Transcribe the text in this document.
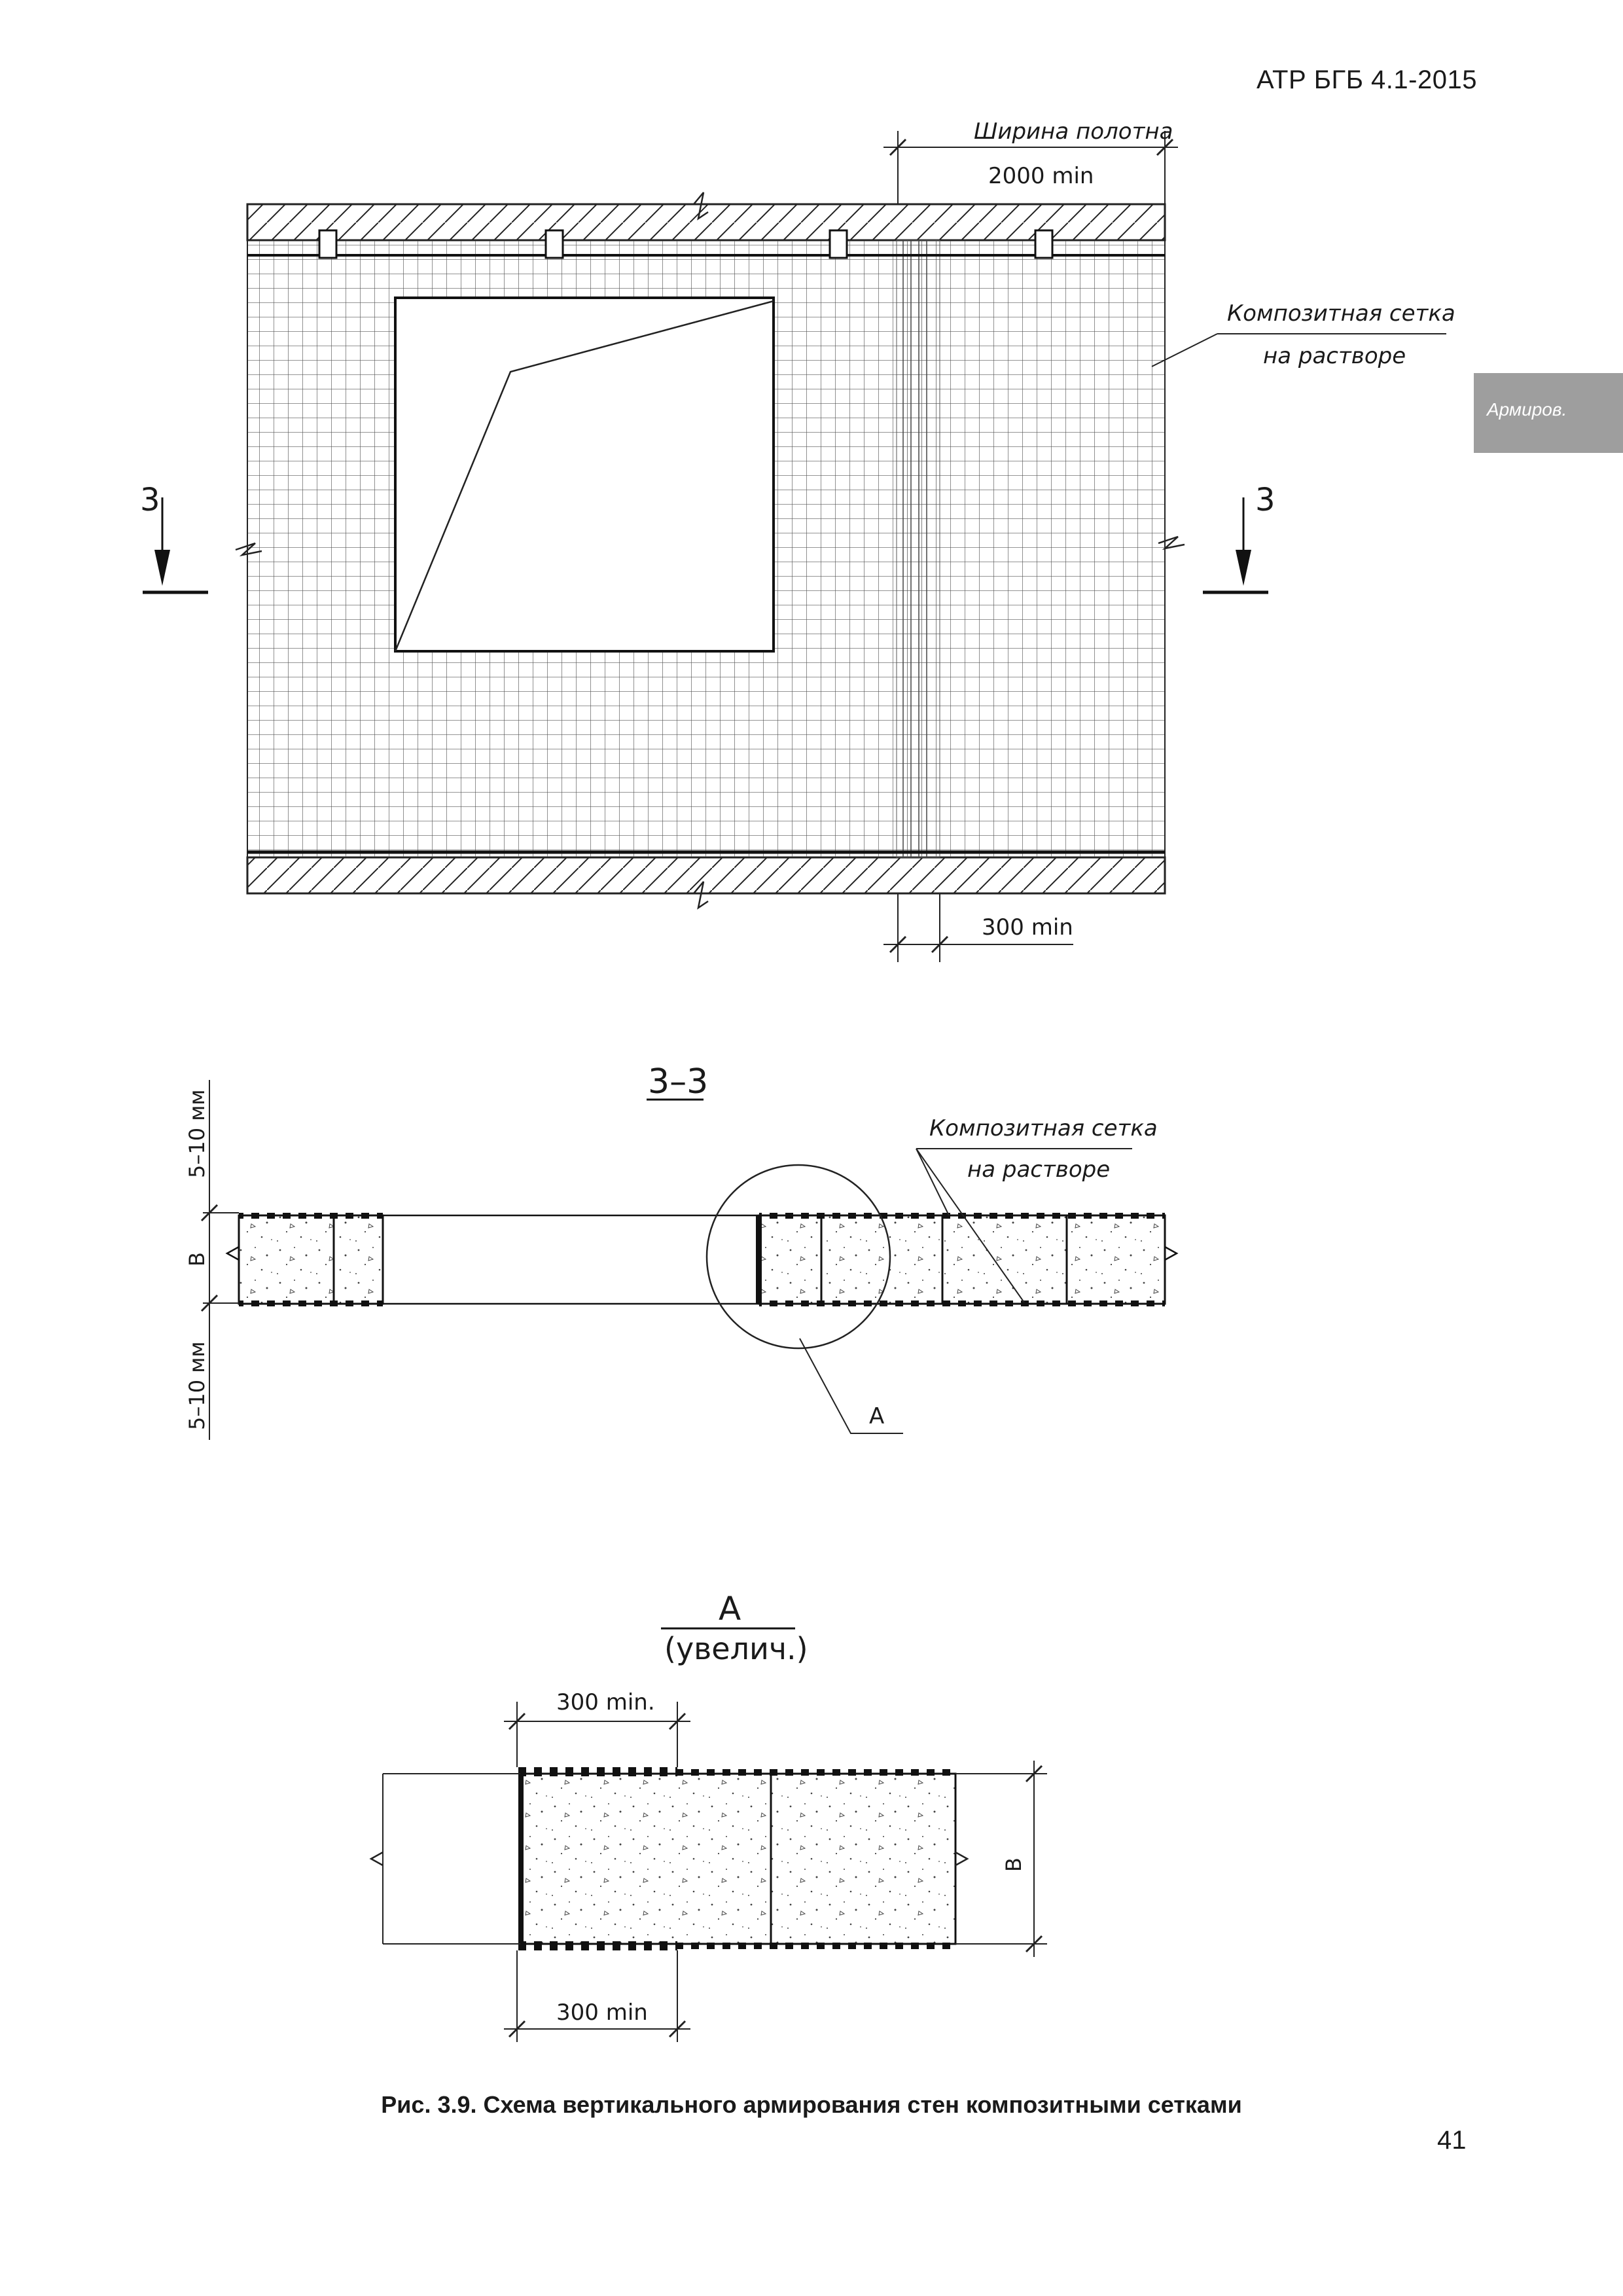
АТР БГБ 4.1-2015
Армиров.
Ширина полотна
2000 min
Композитная сетка
на растворе
3	3
300 min
3–3
А
Композитная сетка
на растворе
5–10 мм
B
5–10 мм
А
(увелич.)
B
300 min.
300 min
Рис. 3.9. Схема вертикального армирования стен композитными сетками
41
